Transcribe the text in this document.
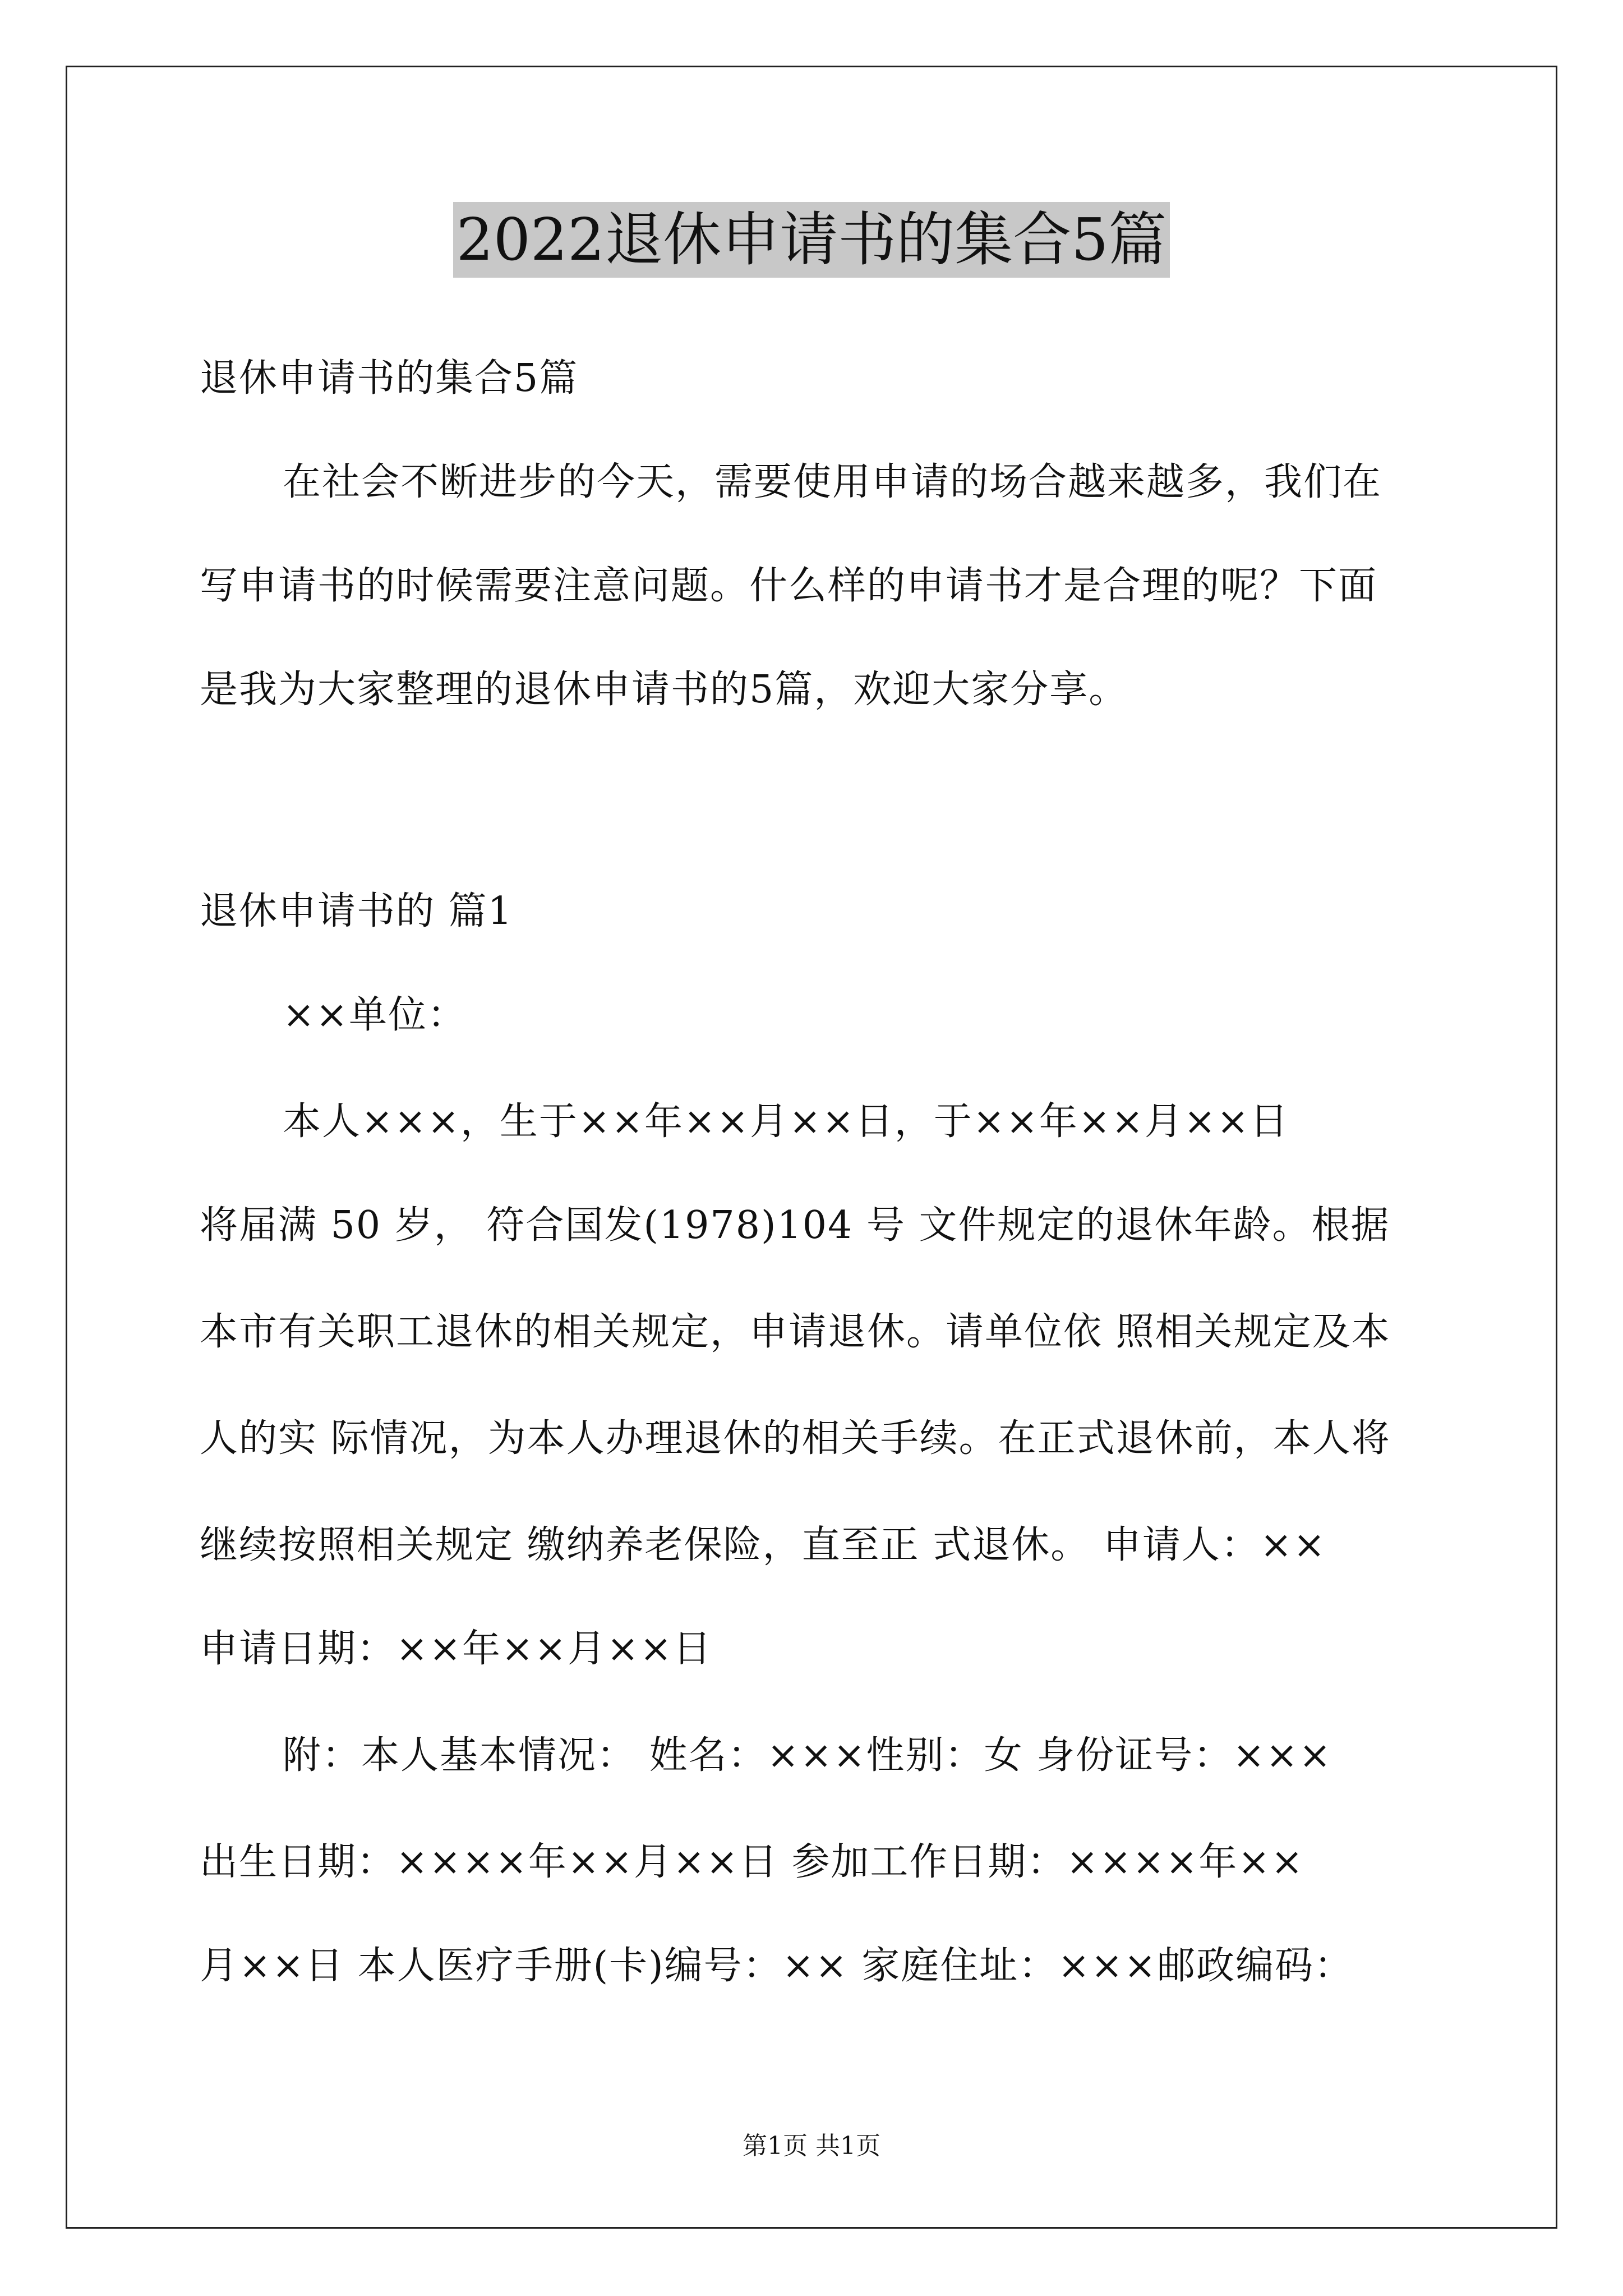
2022退休申请书的集合5篇
退休申请书的集合5篇
在社会不断进步的今天，需要使用申请的场合越来越多，我们在
写申请书的时候需要注意问题。什么样的申请书才是合理的呢？下面
是我为大家整理的退休申请书的5篇，欢迎大家分享。
退休申请书的 篇1
××单位：
本人×××，生于××年××月××日，于××年××月××日
将届满 50 岁， 符合国发(1978)104 号 文件规定的退休年龄。根据
本市有关职工退休的相关规定，申请退休。请单位依 照相关规定及本
人的实 际情况，为本人办理退休的相关手续。在正式退休前，本人将
继续按照相关规定 缴纳养老保险，直至正 式退休。 申请人：××
申请日期：××年××月××日
附：本人基本情况： 姓名：×××性别：女 身份证号：×××
出生日期：××××年××月××日 参加工作日期：××××年××
月××日 本人医疗手册(卡)编号：×× 家庭住址：×××邮政编码：
第1页 共1页
